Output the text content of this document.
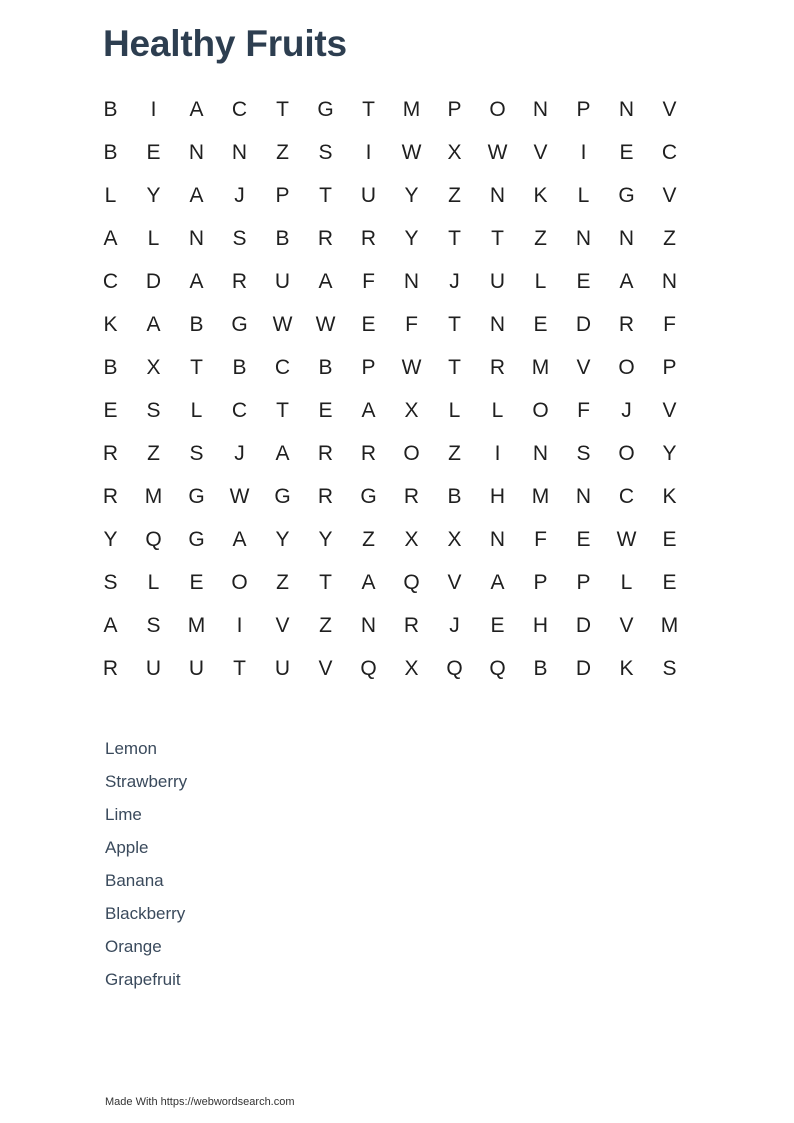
Healthy Fruits
B	I	A	C	T	G	T	M	P	O	N	P	N	V
B	E	N	N	Z	S	I	W	X	W	V	I	E	C
L	Y	A	J	P	T	U	Y	Z	N	K	L	G	V
A	L	N	S	B	R	R	Y	T	T	Z	N	N	Z
C	D	A	R	U	A	F	N	J	U	L	E	A	N
K	A	B	G	W	W	E	F	T	N	E	D	R	F
B	X	T	B	C	B	P	W	T	R	M	V	O	P
E	S	L	C	T	E	A	X	L	L	O	F	J	V
R	Z	S	J	A	R	R	O	Z	I	N	S	O	Y
R	M	G	W	G	R	G	R	B	H	M	N	C	K
Y	Q	G	A	Y	Y	Z	X	X	N	F	E	W	E
S	L	E	O	Z	T	A	Q	V	A	P	P	L	E
A	S	M	I	V	Z	N	R	J	E	H	D	V	M
R	U	U	T	U	V	Q	X	Q	Q	B	D	K	S
Lemon
Strawberry
Lime
Apple
Banana
Blackberry
Orange
Grapefruit
Made With https://webwordsearch.com
